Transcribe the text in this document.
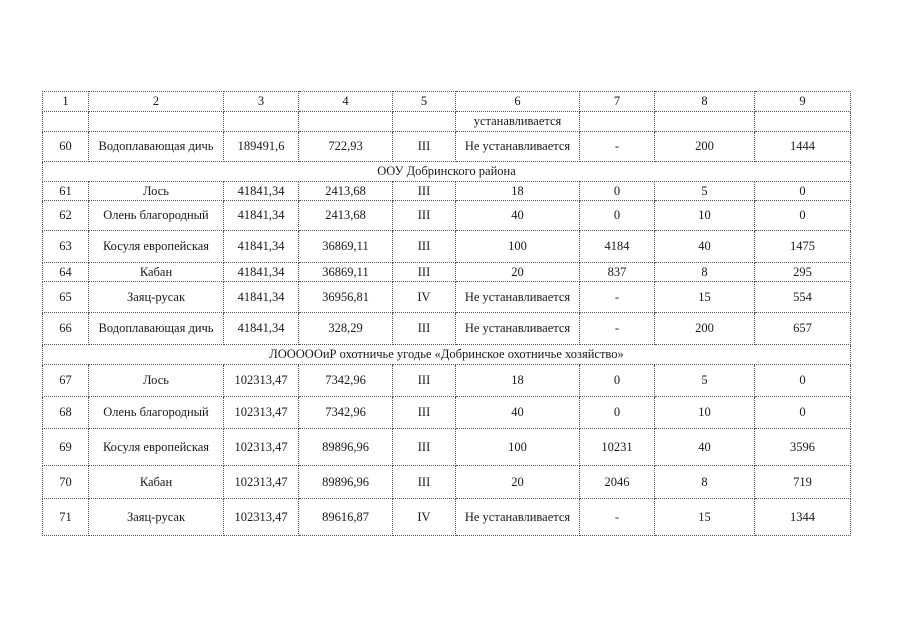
1	2	3	4	5	6	7	8	9
					устанавливается			
60	Водоплавающая дичь	189491,6	722,93	III	Не устанавливается	-	200	1444
ООУ Добринского района								
61	Лось	41841,34	2413,68	III	18	0	5	0
62	Олень благородный	41841,34	2413,68	III	40	0	10	0
63	Косуля европейская	41841,34	36869,11	III	100	4184	40	1475
64	Кабан	41841,34	36869,11	III	20	837	8	295
65	Заяц-русак	41841,34	36956,81	IV	Не устанавливается	-	15	554
66	Водоплавающая дичь	41841,34	328,29	III	Не устанавливается	-	200	657
ЛОООООиР охотничье угодье «Добринское охотничье хозяйство»								
67	Лось	102313,47	7342,96	III	18	0	5	0
68	Олень благородный	102313,47	7342,96	III	40	0	10	0
69	Косуля европейская	102313,47	89896,96	III	100	10231	40	3596
70	Кабан	102313,47	89896,96	III	20	2046	8	719
71	Заяц-русак	102313,47	89616,87	IV	Не устанавливается	-	15	1344
